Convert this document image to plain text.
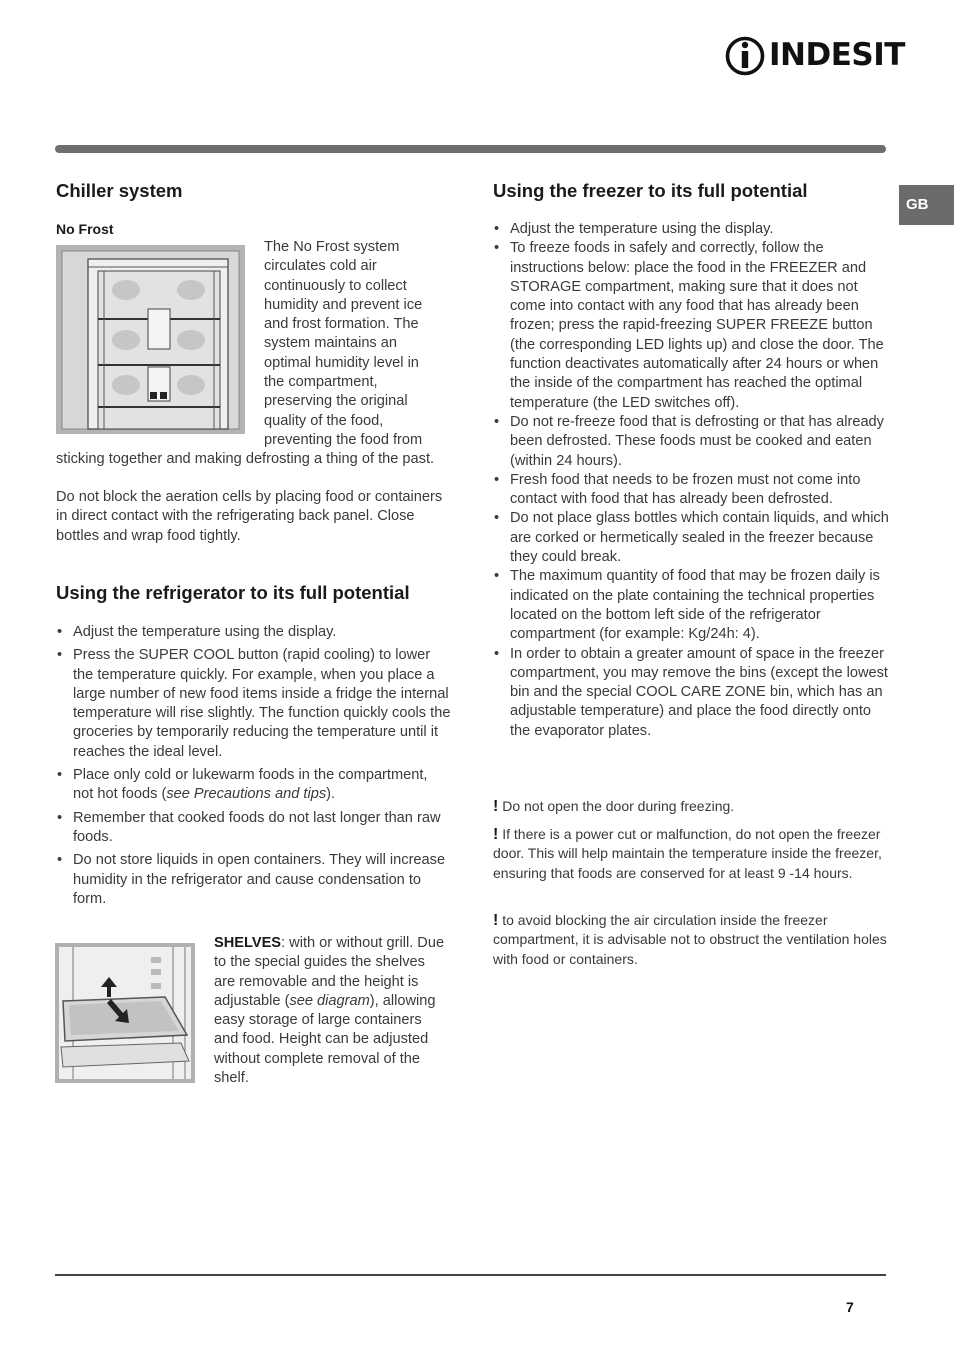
INDESIT
GB
Chiller system
No Frost
The No Frost system
circulates cold air
continuously to collect
humidity and prevent ice
and frost formation. The
system maintains an
optimal humidity level in
the compartment,
preserving the original
quality of the food,
preventing the food from
sticking together and making defrosting a thing of the past.
Do not block the aeration cells by placing food or containers in direct contact with the refrigerating back panel. Close bottles and wrap food tightly.
Using the refrigerator to its full potential
• Adjust the temperature using the display.
• Press the SUPER COOL button (rapid cooling) to lower the temperature quickly. For example, when you place a large number of new food items inside a fridge the internal temperature will rise slightly. The function quickly cools the groceries by temporarily reducing the temperature until it reaches the ideal level.
• Place only cold or lukewarm foods in the compartment, not hot foods (see Precautions and tips).
• Remember that cooked foods do not last longer than raw foods.
• Do not store liquids in open containers. They will increase humidity in the refrigerator and cause condensation to form.
SHELVES: with or without grill. Due to the special guides the shelves are removable and the height is adjustable (see diagram), allowing easy storage of large containers and food. Height can be adjusted without complete removal of the shelf.
Using the freezer to its full potential
• Adjust the temperature using the display.
• To freeze foods in safely and correctly, follow the instructions below: place the food in the FREEZER and STORAGE compartment, making sure that it does not come into contact with any food that has already been frozen; press the rapid-freezing SUPER FREEZE button (the corresponding LED lights up) and close the door. The function deactivates automatically after 24 hours or when the inside of the compartment has reached the optimal temperature (the LED switches off).
• Do not re-freeze food that is defrosting or that has already been defrosted. These foods must be cooked and eaten (within 24 hours).
• Fresh food that needs to be frozen must not come into contact with food that has already been defrosted.
• Do not place glass bottles which contain liquids, and which are corked or hermetically sealed in the freezer because they could break.
• The maximum quantity of food that may be frozen daily is indicated on the plate containing the technical properties located on the bottom left side of the refrigerator compartment (for example: Kg/24h: 4).
• In order to obtain a greater amount of space in the freezer compartment, you may remove the bins (except the lowest bin and the special COOL CARE ZONE bin, which has an adjustable temperature) and place the food directly onto the evaporator plates.
! Do not open the door during freezing.
! If there is a power cut or malfunction, do not open the freezer door. This will help maintain the temperature inside the freezer, ensuring that foods are conserved for at least 9 -14 hours.
! to avoid blocking the air circulation inside the freezer compartment, it is advisable not to obstruct the ventilation holes with food or containers.
7
